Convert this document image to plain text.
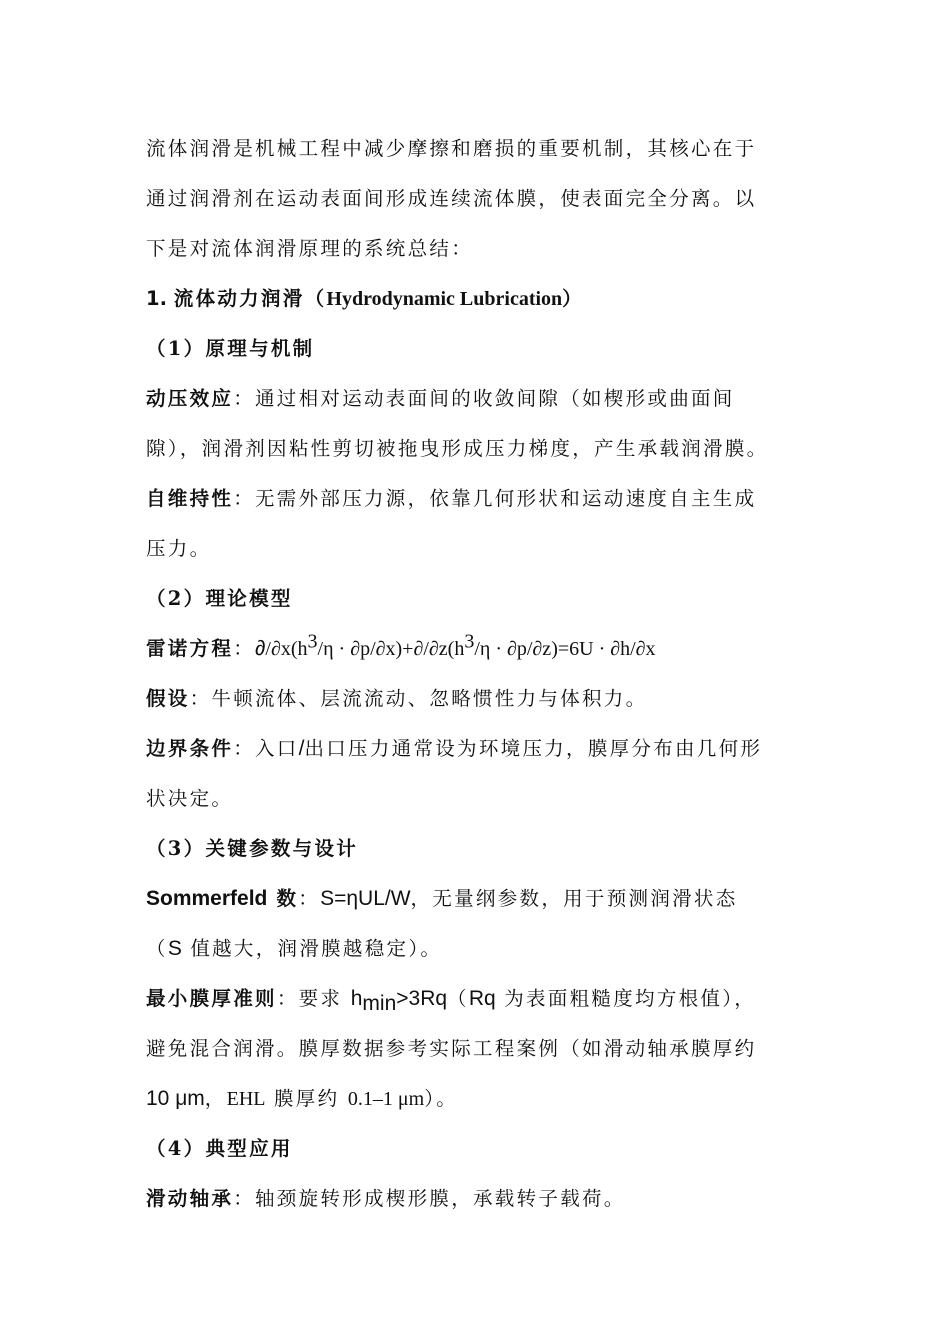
流体润滑是机械工程中减少摩擦和磨损的重要机制，其核心在于
通过润滑剂在运动表面间形成连续流体膜，使表面完全分离。以
下是对流体润滑原理的系统总结：
1. 流体动力润滑（Hydrodynamic Lubrication）
（1）原理与机制
动压效应：通过相对运动表面间的收敛间隙（如楔形或曲面间
隙），润滑剂因粘性剪切被拖曳形成压力梯度，产生承载润滑膜。
自维持性：无需外部压力源，依靠几何形状和运动速度自主生成
压力。
（2）理论模型
雷诺方程：$\partial/\partial x(h^3/\eta \cdot \partial p/\partial x)+\partial/\partial z(h^3/\eta \cdot \partial p/\partial z)=6U \cdot \partial h/\partial x$
假设：牛顿流体、层流流动、忽略惯性力与体积力。
边界条件：入口/出口压力通常设为环境压力，膜厚分布由几何形
状决定。
（3）关键参数与设计
Sommerfeld 数：S=ηUL/W，无量纲参数，用于预测润滑状态
（S 值越大，润滑膜越稳定）。
最小膜厚准则：要求 $h_{min}>3Rq(Rq$ 为表面粗糙度均方根值），
避免混合润滑。膜厚数据参考实际工程案例（如滑动轴承膜厚约
10 μm，EHL 膜厚约 0.1–1 μm）。
（4）典型应用
滑动轴承：轴颈旋转形成楔形膜，承载转子载荷。
